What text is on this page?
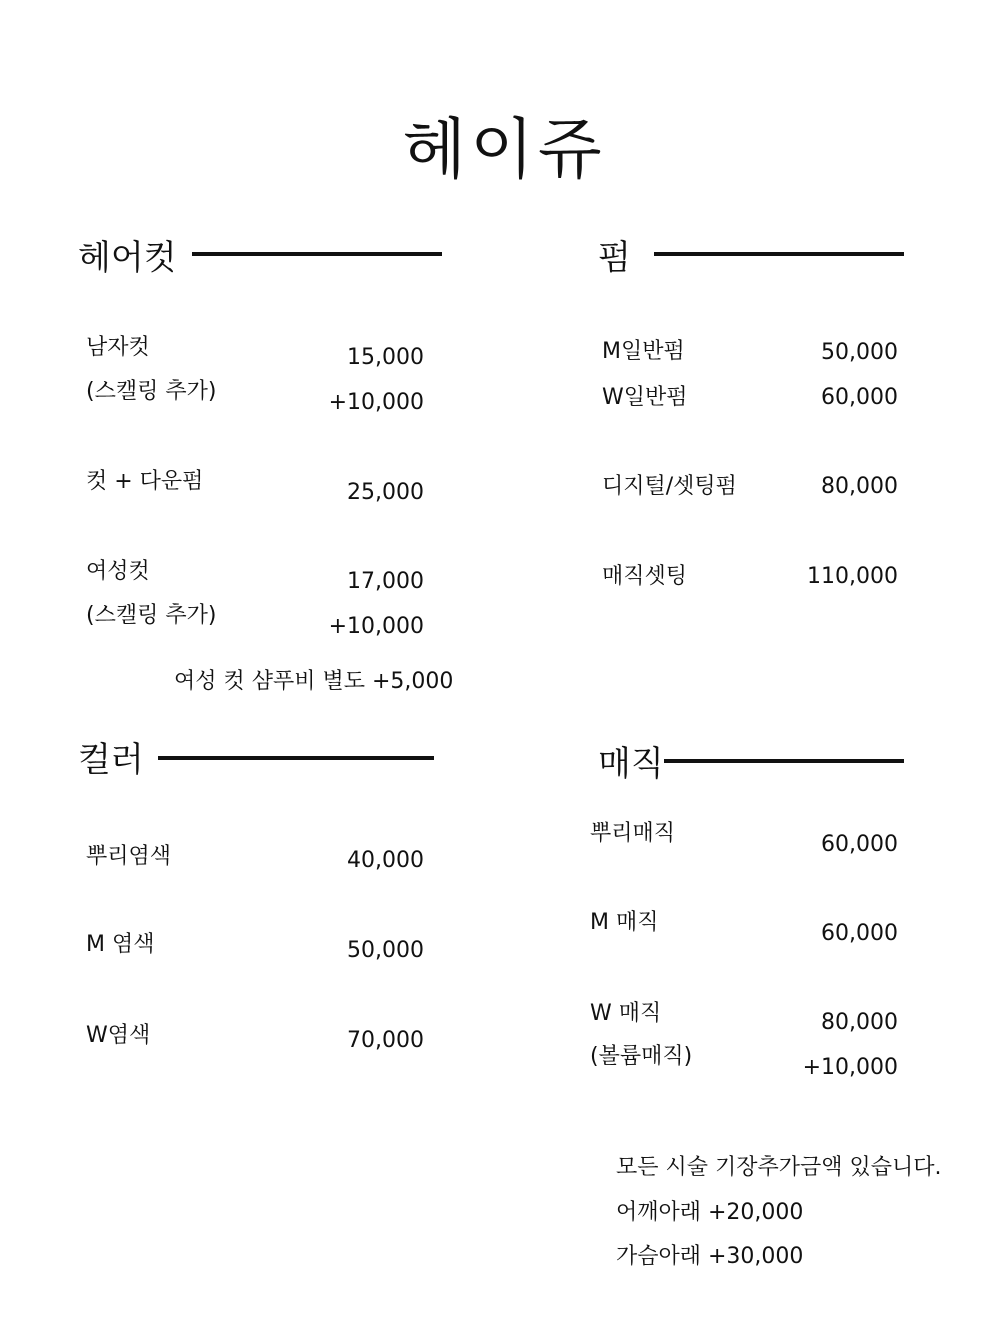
헤이쥬
헤어컷
남자컷	15,000
(스캘링 추가)	+10,000
컷 + 다운펌	25,000
여성컷	17,000
(스캘링 추가)	+10,000
여성 컷 샴푸비 별도 +5,000
펌
M일반펌	50,000
W일반펌	60,000
디지털/셋팅펌	80,000
매직셋팅	110,000
컬러
뿌리염색	40,000
M 염색	50,000
W염색	70,000
매직
뿌리매직	60,000
M 매직	60,000
W 매직	80,000
(볼륨매직)	+10,000
모든 시술 기장추가금액 있습니다.
어깨아래 +20,000
가슴아래 +30,000
